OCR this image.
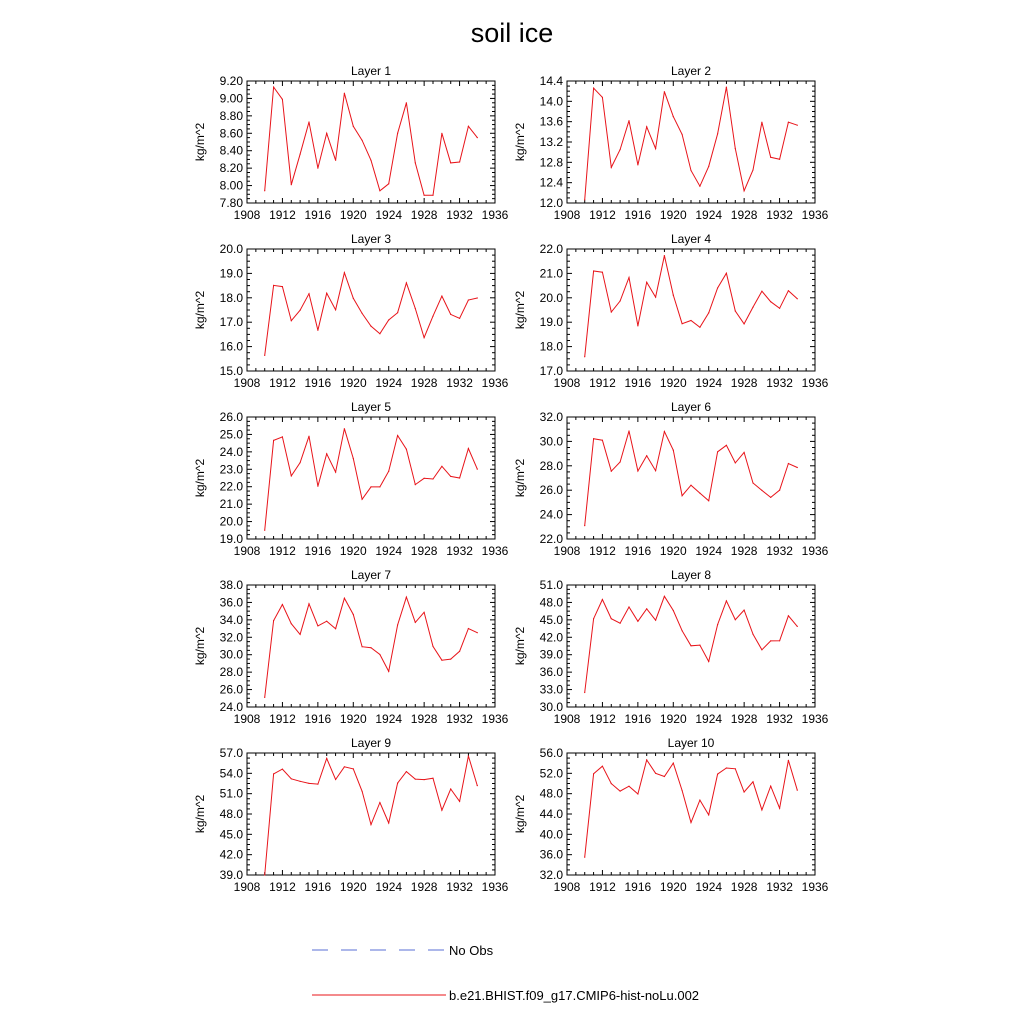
soil ice
Layer 1
1908 1912 1916 1920 1924 1928 1932 1936
7.80
8.00
8.20
8.40
8.60
8.80
9.00
9.20
kg/m^2
Layer 2
1908 1912 1916 1920 1924 1928 1932 1936
12.0
12.4
12.8
13.2
13.6
14.0
14.4
kg/m^2
Layer 3
1908 1912 1916 1920 1924 1928 1932 1936
15.0
16.0
17.0
18.0
19.0
20.0
kg/m^2
Layer 4
1908 1912 1916 1920 1924 1928 1932 1936
17.0
18.0
19.0
20.0
21.0
22.0
kg/m^2
Layer 5
1908 1912 1916 1920 1924 1928 1932 1936
19.0
20.0
21.0
22.0
23.0
24.0
25.0
26.0
kg/m^2
Layer 6
1908 1912 1916 1920 1924 1928 1932 1936
22.0
24.0
26.0
28.0
30.0
32.0
kg/m^2
Layer 7
1908 1912 1916 1920 1924 1928 1932 1936
24.0
26.0
28.0
30.0
32.0
34.0
36.0
38.0
kg/m^2
Layer 8
1908 1912 1916 1920 1924 1928 1932 1936
30.0
33.0
36.0
39.0
42.0
45.0
48.0
51.0
kg/m^2
Layer 9
1908 1912 1916 1920 1924 1928 1932 1936
39.0
42.0
45.0
48.0
51.0
54.0
57.0
kg/m^2
Layer 10
1908 1912 1916 1920 1924 1928 1932 1936
32.0
36.0
40.0
44.0
48.0
52.0
56.0
kg/m^2
No Obs
b.e21.BHIST.f09_g17.CMIP6-hist-noLu.002
